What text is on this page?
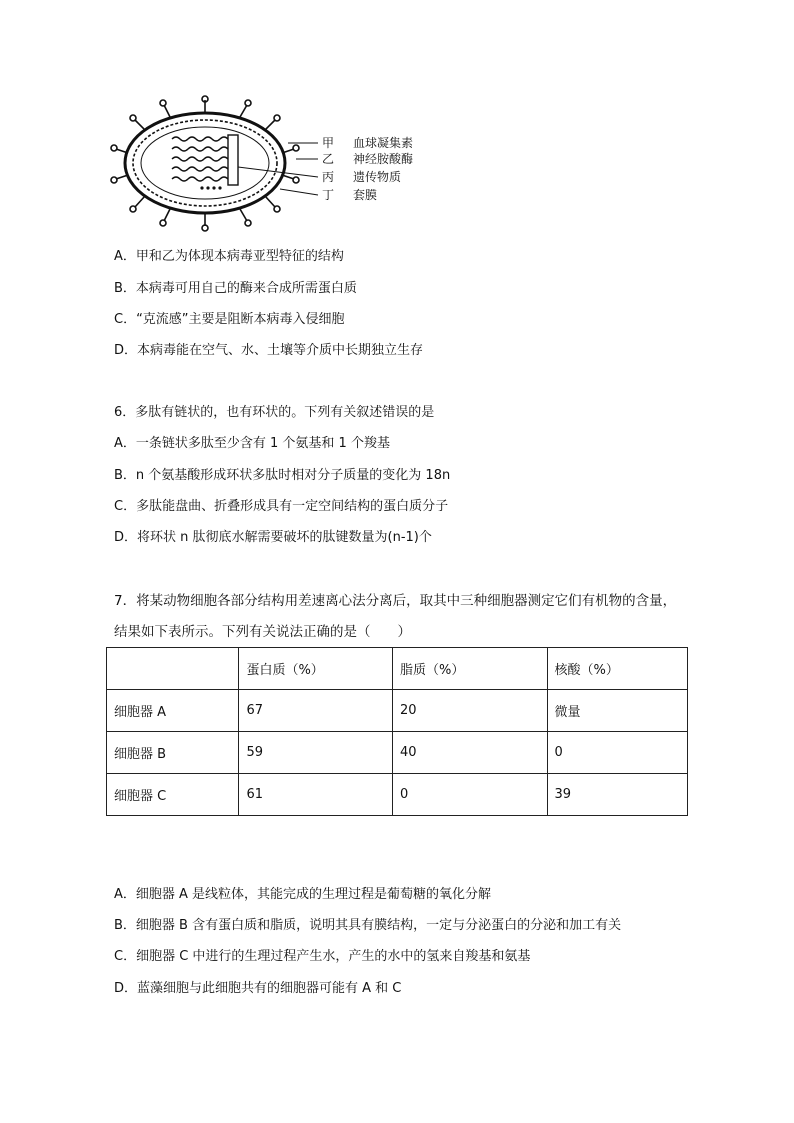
甲 血球凝集素
乙 神经胺酸酶
丙 遗传物质
丁 套膜
A．甲和乙为体现本病毒亚型特征的结构
B．本病毒可用自己的酶来合成所需蛋白质
C．“克流感”主要是阻断本病毒入侵细胞
D．本病毒能在空气、水、土壤等介质中长期独立生存
6．多肽有链状的，也有环状的。下列有关叙述错误的是
A．一条链状多肽至少含有 1 个氨基和 1 个羧基
B．n 个氨基酸形成环状多肽时相对分子质量的变化为 18n
C．多肽能盘曲、折叠形成具有一定空间结构的蛋白质分子
D．将环状 n 肽彻底水解需要破坏的肽键数量为(n-1)个
7．将某动物细胞各部分结构用差速离心法分离后，取其中三种细胞器测定它们有机物的含量，
结果如下表所示。下列有关说法正确的是（　　）
	蛋白质（%）	脂质（%）	核酸（%）
细胞器 A	67	20	微量
细胞器 B	59	40	0
细胞器 C	61	0	39
A．细胞器 A 是线粒体，其能完成的生理过程是葡萄糖的氧化分解
B．细胞器 B 含有蛋白质和脂质，说明其具有膜结构，一定与分泌蛋白的分泌和加工有关
C．细胞器 C 中进行的生理过程产生水，产生的水中的氢来自羧基和氨基
D．蓝藻细胞与此细胞共有的细胞器可能有 A 和 C
